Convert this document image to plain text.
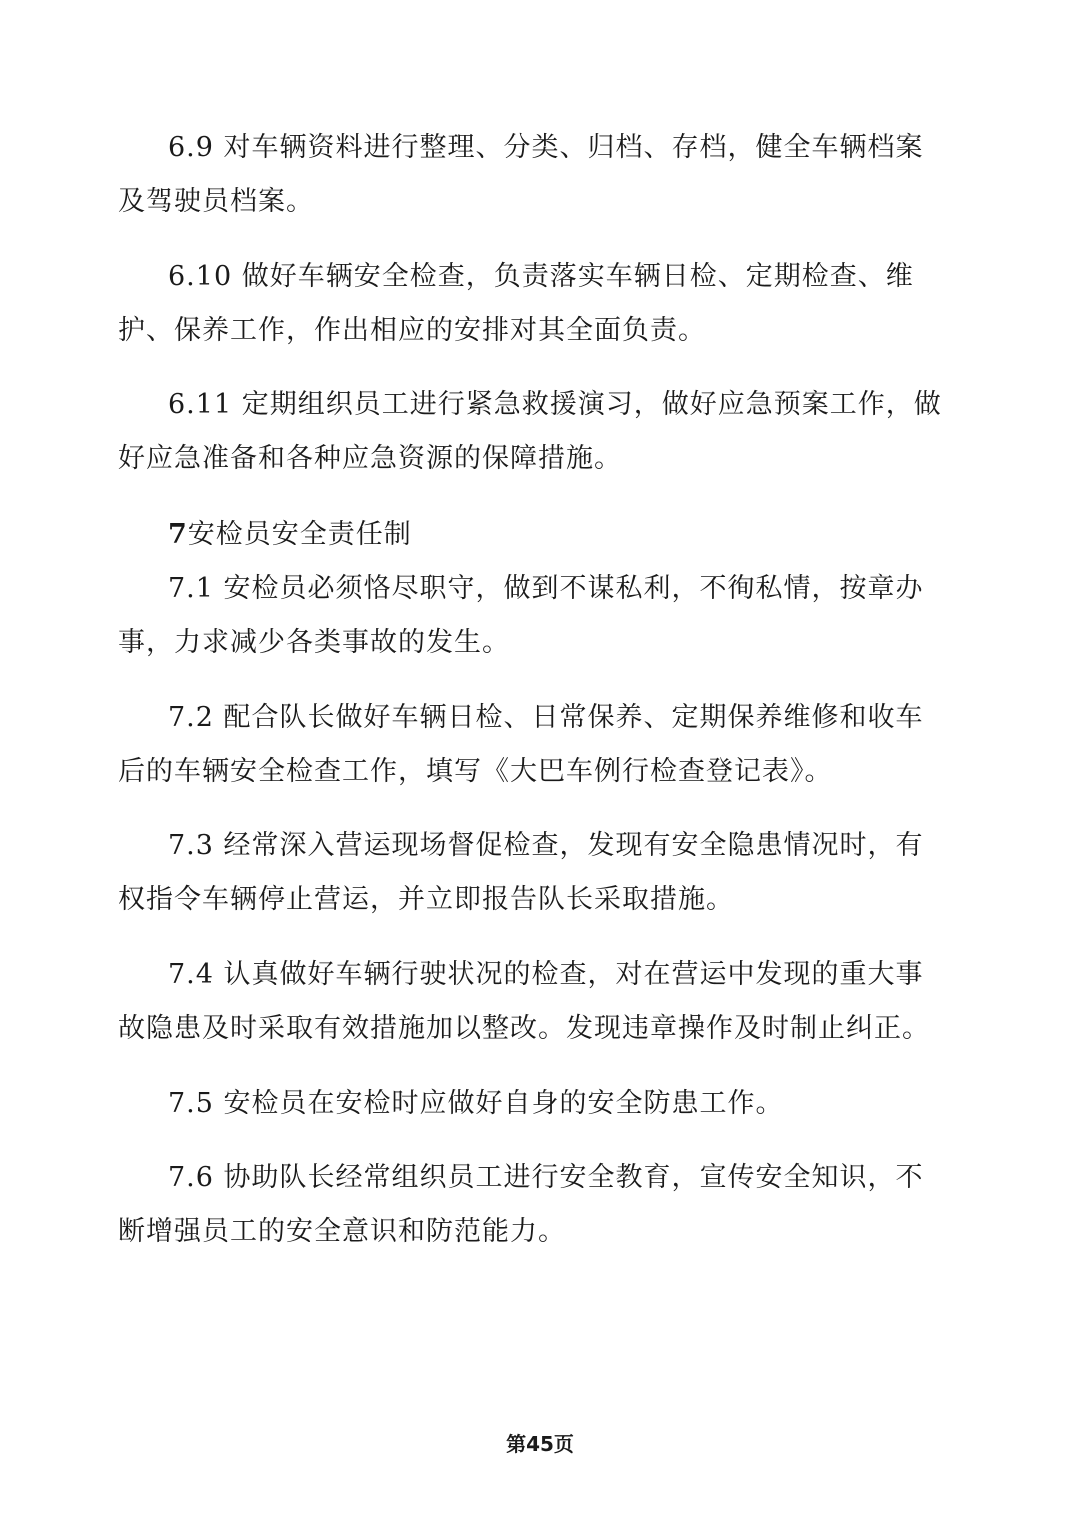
6.9 对车辆资料进行整理、分类、归档、存档，健全车辆档案及驾驶员档案。

6.10 做好车辆安全检查，负责落实车辆日检、定期检查、维护、保养工作，作出相应的安排对其全面负责。

6.11 定期组织员工进行紧急救援演习，做好应急预案工作，做好应急准备和各种应急资源的保障措施。

7安检员安全责任制

7.1 安检员必须恪尽职守，做到不谋私利，不徇私情，按章办事，力求减少各类事故的发生。

7.2 配合队长做好车辆日检、日常保养、定期保养维修和收车后的车辆安全检查工作，填写《大巴车例行检查登记表》。

7.3 经常深入营运现场督促检查，发现有安全隐患情况时，有权指令车辆停止营运，并立即报告队长采取措施。

7.4 认真做好车辆行驶状况的检查，对在营运中发现的重大事故隐患及时采取有效措施加以整改。发现违章操作及时制止纠正。

7.5 安检员在安检时应做好自身的安全防患工作。

7.6 协助队长经常组织员工进行安全教育，宣传安全知识，不断增强员工的安全意识和防范能力。

第45页
